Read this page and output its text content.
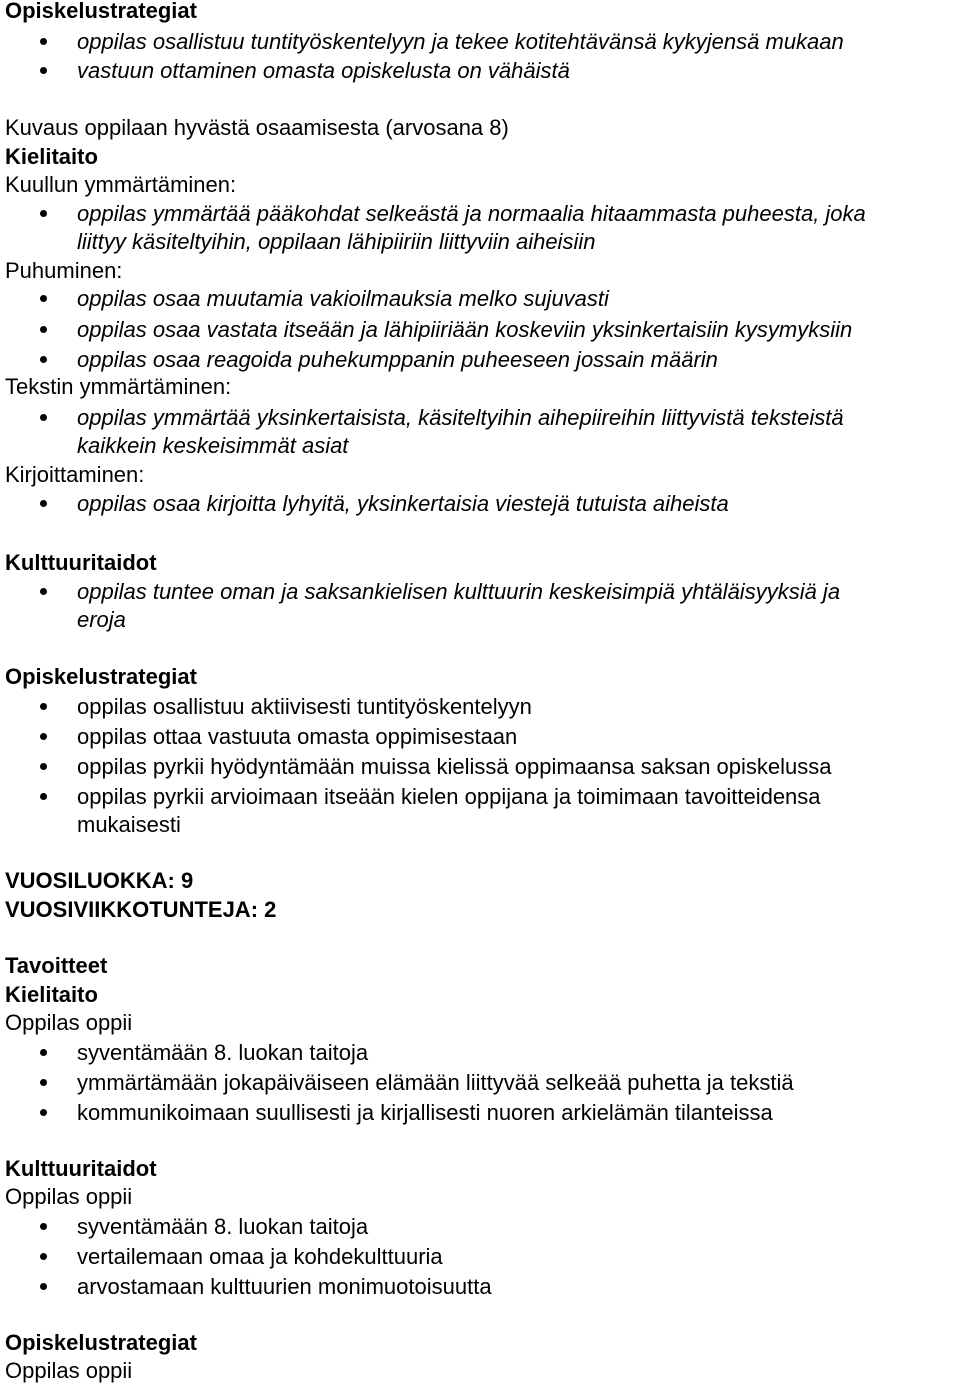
Opiskelustrategiat
oppilas osallistuu tuntityöskentelyyn ja tekee kotitehtävänsä kykyjensä mukaan
vastuun ottaminen omasta opiskelusta on vähäistä
Kuvaus oppilaan hyvästä osaamisesta (arvosana 8)
Kielitaito
Kuullun ymmärtäminen:
oppilas ymmärtää pääkohdat selkeästä ja normaalia hitaammasta puheesta, joka
liittyy käsiteltyihin, oppilaan lähipiiriin liittyviin aiheisiin
Puhuminen:
oppilas osaa muutamia vakioilmauksia melko sujuvasti
oppilas osaa vastata itseään ja lähipiiriään koskeviin yksinkertaisiin kysymyksiin
oppilas osaa reagoida puhekumppanin puheeseen jossain määrin
Tekstin ymmärtäminen:
oppilas ymmärtää yksinkertaisista, käsiteltyihin aihepiireihin liittyvistä teksteistä
kaikkein keskeisimmät asiat
Kirjoittaminen:
oppilas osaa kirjoitta lyhyitä, yksinkertaisia viestejä tutuista aiheista
Kulttuuritaidot
oppilas tuntee oman ja saksankielisen kulttuurin keskeisimpiä yhtäläisyyksiä ja
eroja
Opiskelustrategiat
oppilas osallistuu aktiivisesti tuntityöskentelyyn
oppilas ottaa vastuuta omasta oppimisestaan
oppilas pyrkii hyödyntämään muissa kielissä oppimaansa saksan opiskelussa
oppilas pyrkii arvioimaan itseään kielen oppijana ja toimimaan tavoitteidensa
mukaisesti
VUOSILUOKKA: 9
VUOSIVIIKKOTUNTEJA: 2
Tavoitteet
Kielitaito
Oppilas oppii
syventämään 8. luokan taitoja
ymmärtämään jokapäiväiseen elämään liittyvää selkeää puhetta ja tekstiä
kommunikoimaan suullisesti ja kirjallisesti nuoren arkielämän tilanteissa
Kulttuuritaidot
Oppilas oppii
syventämään 8. luokan taitoja
vertailemaan omaa ja kohdekulttuuria
arvostamaan kulttuurien monimuotoisuutta
Opiskelustrategiat
Oppilas oppii
